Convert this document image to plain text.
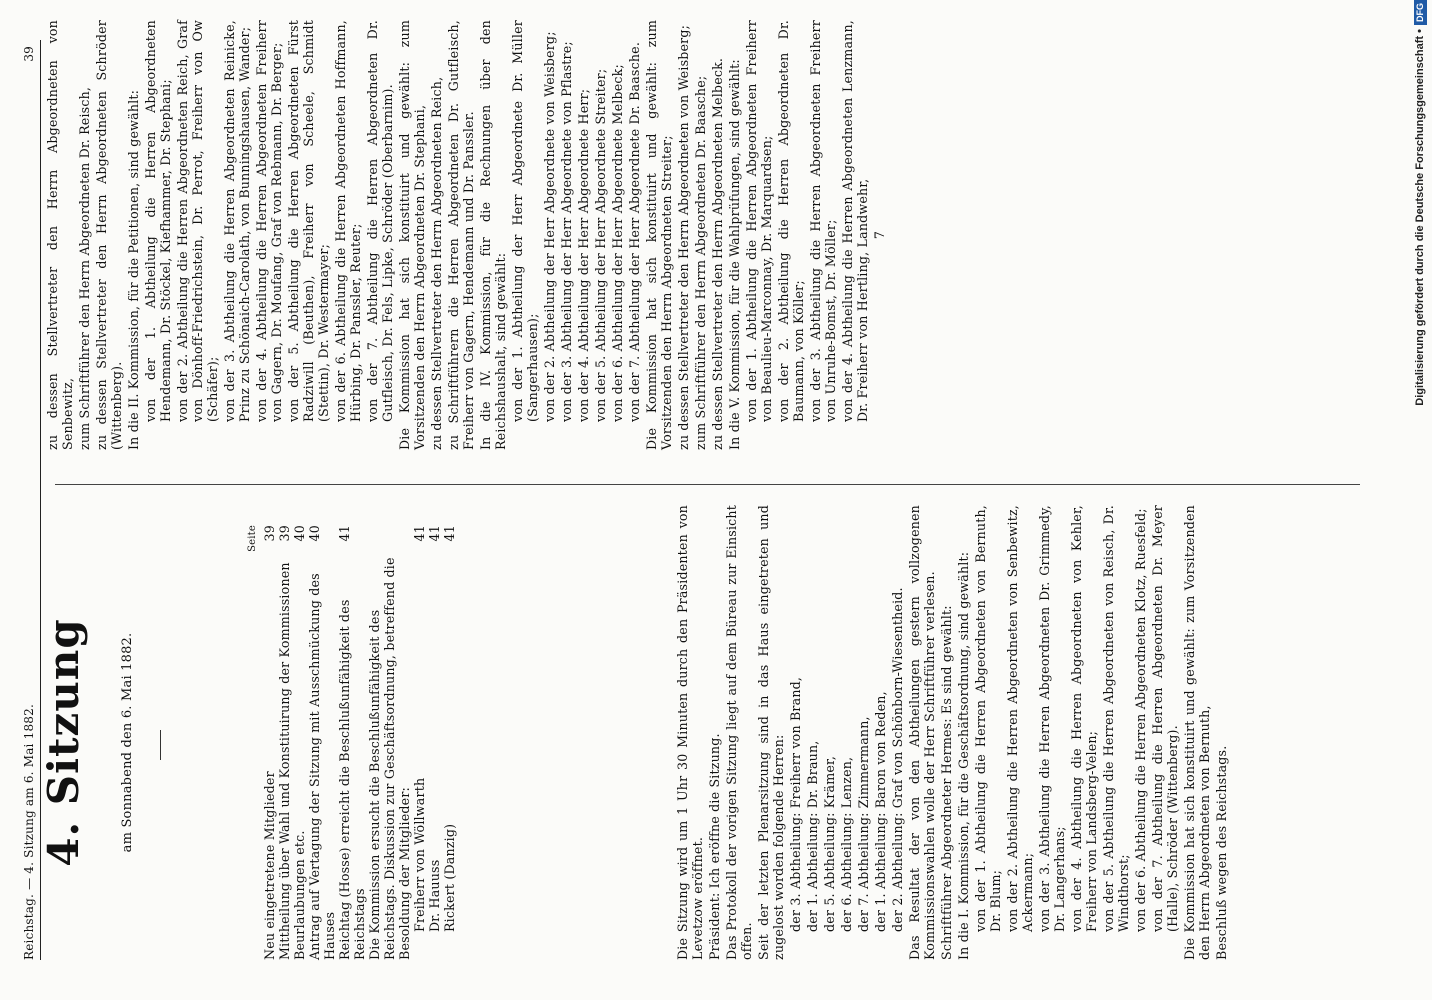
Reichstag. — 4. Sitzung am 6. Mai 1882.
39
4. Sitzung am Sonnabend den 6. Mai 1882.
Seite
Neu eingetretene Mitglieder
39
Mittheilung über Wahl und Konstituirung der Kommissionen
39
Beurlaubungen etc.
40
Antrag auf Vertagung der Sitzung mit Ausschmückung des Hauses
40
Reichtag (Hosse) erreicht die Beschlußunfähigkeit des Reichstags
41
Die Kommission ersucht die Beschlußunfähigkeit des Reichstags. Diskussion zur Geschäftsordnung, betreffend die Besoldung der Mitglieder: Freiherr von Wöllwarth
41
Dr. Hauuss
41
Rickert (Danzig)
41	Die Sitzung wird um 1 Uhr 30 Minuten durch den Präsidenten von Levetzow eröffnet. Präsident: Ich eröffne die Sitzung. Das Protokoll der vorigen Sitzung liegt auf dem Büreau zur Einsicht offen. Seit der letzten Plenarsitzung sind in das Haus eingetreten und zugelost worden folgende Herren: der 3. Abtheilung: Freiherr von Brand, der 1. Abtheilung: Dr. Braun, der 5. Abtheilung: Krämer, der 6. Abtheilung: Lenzen, der 7. Abtheilung: Zimmermann, der 1. Abtheilung: Baron von Reden, der 2. Abtheilung: Graf von Schönborn-Wiesentheid. Das Resultat der von den Abtheilungen gestern vollzogenen Kommissionswahlen wolle der Herr Schriftführer verlesen. Schriftführer Abgeordneter Hermes: Es sind gewählt: In die I. Kommission, für die Geschäftsordnung, sind gewählt: von der 1. Abtheilung die Herren Abgeordneten von Bernuth, Dr. Blum; von der 2. Abtheilung die Herren Abgeordneten von Senbewitz, Ackermann; von der 3. Abtheilung die Herren Abgeordneten Dr. Grimmedy, Dr. Langerhans; von der 4. Abtheilung die Herren Abgeordneten von Kehler, Freiherr von Landsberg-Velen; von der 5. Abtheilung die Herren Abgeordneten von Reisch, Dr. Windthorst; von der 6. Abtheilung die Herren Abgeordneten Klotz, Ruesfeld; von der 7. Abtheilung die Herren Abgeordneten Dr. Meyer (Halle), Schröder (Wittenberg). Die Kommission hat sich konstituirt und gewählt: zum Vorsitzenden den Herrn Abgeordneten von Bernuth, Beschluß wegen des Reichstags.

zu dessen Stellvertreter den Herrn Abgeordneten von Senbewitz, zum Schriftführer den Herrn Abgeordneten Dr. Reisch, zu dessen Stellvertreter den Herrn Abgeordneten Schröder (Wittenberg). In die II. Kommission, für die Petitionen, sind gewählt: von der 1. Abtheilung die Herren Abgeordneten Hendemann, Dr. Stöckel, Kiefhammer, Dr. Stephani; von der 2. Abtheilung die Herren Abgeordneten Reich, Graf von Dönhoff-Friedrichstein, Dr. Perrot, Freiherr von Ow (Schäfer); von der 3. Abtheilung die Herren Abgeordneten Reinicke, Prinz zu Schönaich-Carolath, von Bunningshausen, Wander; von der 4. Abtheilung die Herren Abgeordneten Freiherr von Gagern, Dr. Moufang, Graf von Rebmann, Dr. Berger; von der 5. Abtheilung die Herren Abgeordneten Fürst Radziwill (Beuthen), Freiherr von Scheele, Schmidt (Stettin), Dr. Westermayer; von der 6. Abtheilung die Herren Abgeordneten Hoffmann, Hürbing, Dr. Panssler, Reuter; von der 7. Abtheilung die Herren Abgeordneten Dr. Gutfleisch, Dr. Fels, Lipke, Schröder (Oberbarnim). Die Kommission hat sich konstituirt und gewählt: zum Vorsitzenden den Herrn Abgeordneten Dr. Stephani, zu dessen Stellvertreter den Herrn Abgeordneten Reich, zu Schriftführern die Herren Abgeordneten Dr. Gutfleisch, Freiherr von Gagern, Hendemann und Dr. Panssler. In die IV. Kommission, für die Rechnungen über den Reichshaushalt, sind gewählt: von der 1. Abtheilung der Herr Abgeordnete Dr. Müller (Sangerhausen); von der 2. Abtheilung der Herr Abgeordnete von Weisberg; von der 3. Abtheilung der Herr Abgeordnete von Pflastre; von der 4. Abtheilung der Herr Abgeordnete Herr; von der 5. Abtheilung der Herr Abgeordnete Streiter; von der 6. Abtheilung der Herr Abgeordnete Melbeck; von der 7. Abtheilung der Herr Abgeordnete Dr. Baasche. Die Kommission hat sich konstituirt und gewählt: zum Vorsitzenden den Herrn Abgeordneten Streiter; zu dessen Stellvertreter den Herrn Abgeordneten von Weisberg; zum Schriftführer den Herrn Abgeordneten Dr. Baasche; zu dessen Stellvertreter den Herrn Abgeordneten Melbeck. In die V. Kommission, für die Wahlprüfungen, sind gewählt: von der 1. Abtheilung die Herren Abgeordneten Freiherr von Beaulieu-Marconnay, Dr. Marquardsen; von der 2. Abtheilung die Herren Abgeordneten Dr. Baumann, von Köller; von der 3. Abtheilung die Herren Abgeordneten Freiherr von Unruhe-Bomst, Dr. Möller; von der 4. Abtheilung die Herren Abgeordneten Lenzmann, Dr. Freiherr von Hertling, Landwehr, 7	Digitalisierung gefördert durch die Deutsche Forschungsgemeinschaft •DFG
